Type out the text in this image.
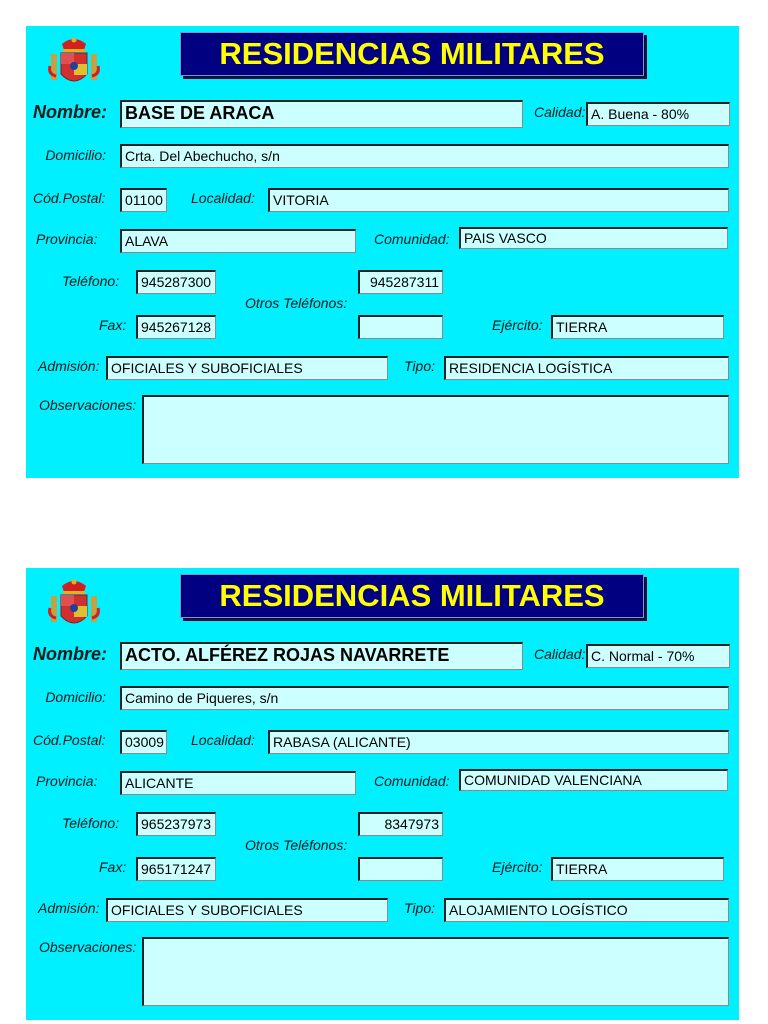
RESIDENCIAS MILITARES
Nombre: BASE DE ARACA	Calidad: A. Buena - 80%
Domicilio:	Crta. Del Abechucho, s/n
Cód.Postal:	01100 Localidad:	VITORIA
Provincia:	ALAVA	Comunidad:	PAIS VASCO
Teléfono:	945287300	945287311
Otros Teléfonos:
Fax:	945267128	Ejército: TIERRA
Admisión: OFICIALES Y SUBOFICIALES	Tipo: RESIDENCIA LOGÍSTICA
Observaciones:
RESIDENCIAS MILITARES
Nombre: ACTO. ALFÉREZ ROJAS NAVARRETE	Calidad: C. Normal - 70%
Domicilio:	Camino de Piqueres, s/n
Cód.Postal:	03009 Localidad:	RABASA (ALICANTE)
Provincia:	ALICANTE	Comunidad:	COMUNIDAD VALENCIANA
Teléfono:	965237973	8347973
Otros Teléfonos:
Fax:	965171247	Ejército: TIERRA
Admisión: OFICIALES Y SUBOFICIALES	Tipo: ALOJAMIENTO LOGÍSTICO
Observaciones:
